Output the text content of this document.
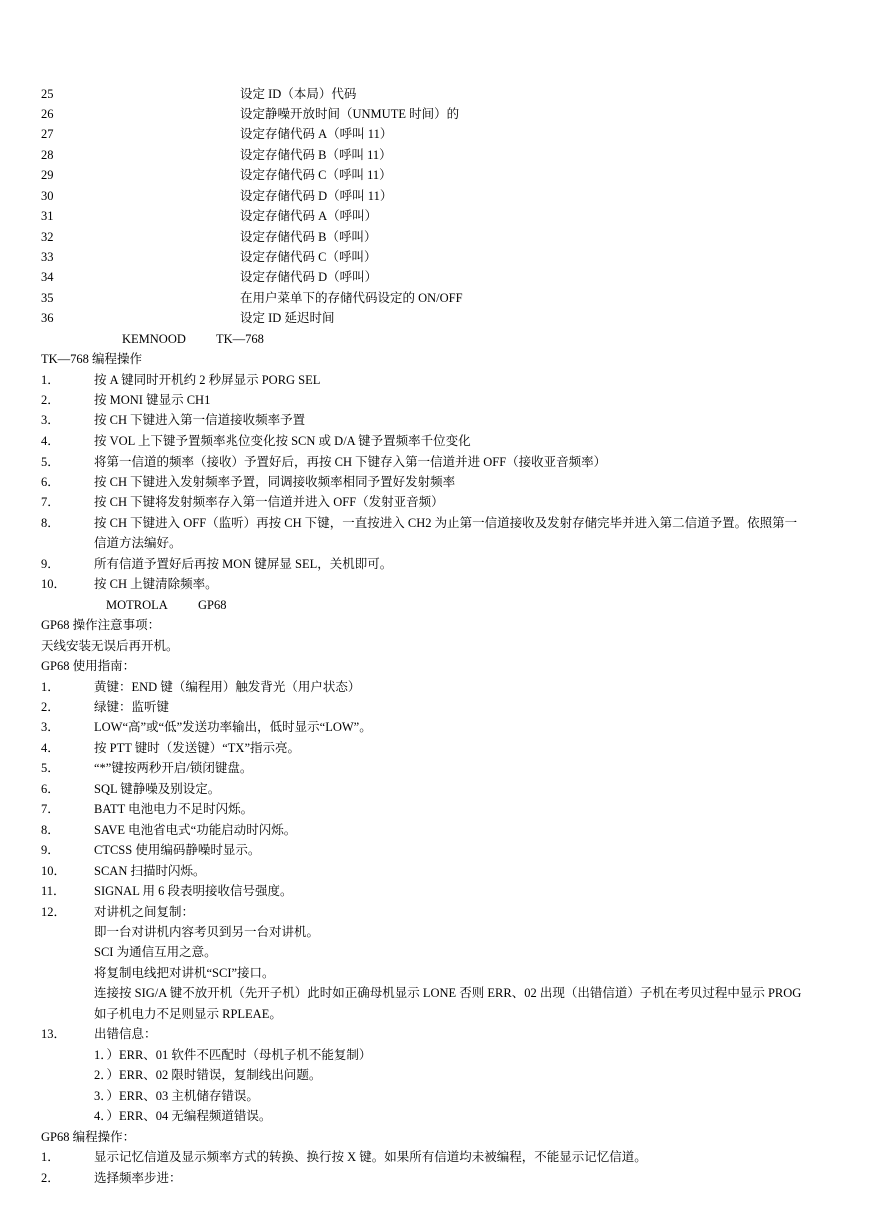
25	设定 ID（本局）代码
26	设定静噪开放时间（UNMUTE 时间）的
27	设定存储代码 A（呼叫 11）
28	设定存储代码 B（呼叫 11）
29	设定存储代码 C（呼叫 11）
30	设定存储代码 D（呼叫 11）
31	设定存储代码 A（呼叫）
32	设定存储代码 B（呼叫）
33	设定存储代码 C（呼叫）
34	设定存储代码 D（呼叫）
35	在用户菜单下的存储代码设定的 ON/OFF
36	设定 ID 延迟时间
KEMNOOD TK—768
TK—768 编程操作
1．	按 A 键同时开机约 2 秒屏显示 PORG SEL
2．	按 MONI 键显示 CH1
3．	按 CH 下键进入第一信道接收频率予置
4．	按 VOL 上下键予置频率兆位变化按 SCN 或 D/A 键予置频率千位变化
5．	将第一信道的频率（接收）予置好后，再按 CH 下键存入第一信道并进 OFF（接收亚音频率）
6．	按 CH 下键进入发射频率予置，同调接收频率相同予置好发射频率
7．	按 CH 下键将发射频率存入第一信道并进入 OFF（发射亚音频）
8．	按 CH 下键进入 OFF（监听）再按 CH 下键，一直按进入 CH2 为止第一信道接收及发射存储完毕并进入第二信道予置。依照第一
信道方法编好。
9．	所有信道予置好后再按 MON 键屏显 SEL，关机即可。
10． 按 CH 上键清除频率。
MOTROLA GP68
GP68 操作注意事项：
天线安装无误后再开机。
GP68 使用指南：
1．	黄键：END 键（编程用）触发背光（用户状态）
2．	绿键：监听键
3．	LOW“高”或“低”发送功率输出，低时显示“LOW”。
4．	按 PTT 键时（发送键）“TX”指示亮。
5．	“*”键按两秒开启/锁闭键盘。
6．	SQL 键静噪及别设定。
7．	BATT 电池电力不足时闪烁。
8．	SAVE 电池省电式“功能启动时闪烁。
9．	CTCSS 使用编码静噪时显示。
10． SCAN 扫描时闪烁。
11． SIGNAL 用 6 段表明接收信号强度。
12． 对讲机之间复制：
即一台对讲机内容考贝到另一台对讲机。
SCI 为通信互用之意。
将复制电线把对讲机“SCI”接口。
连接按 SIG/A 键不放开机（先开子机）此时如正确母机显示 LONE 否则 ERR、02 出现（出错信道）子机在考贝过程中显示 PROG
如子机电力不足则显示 RPLEAE。
13． 出错信息：
1．）ERR、01 软件不匹配时（母机子机不能复制）
2．）ERR、02 限时错误，复制线出问题。
3．）ERR、03 主机储存错误。
4．）ERR、04 无编程频道错误。
GP68 编程操作：
1．	显示记忆信道及显示频率方式的转换、换行按 X 键。如果所有信道均未被编程，不能显示记忆信道。
2．	选择频率步进：
